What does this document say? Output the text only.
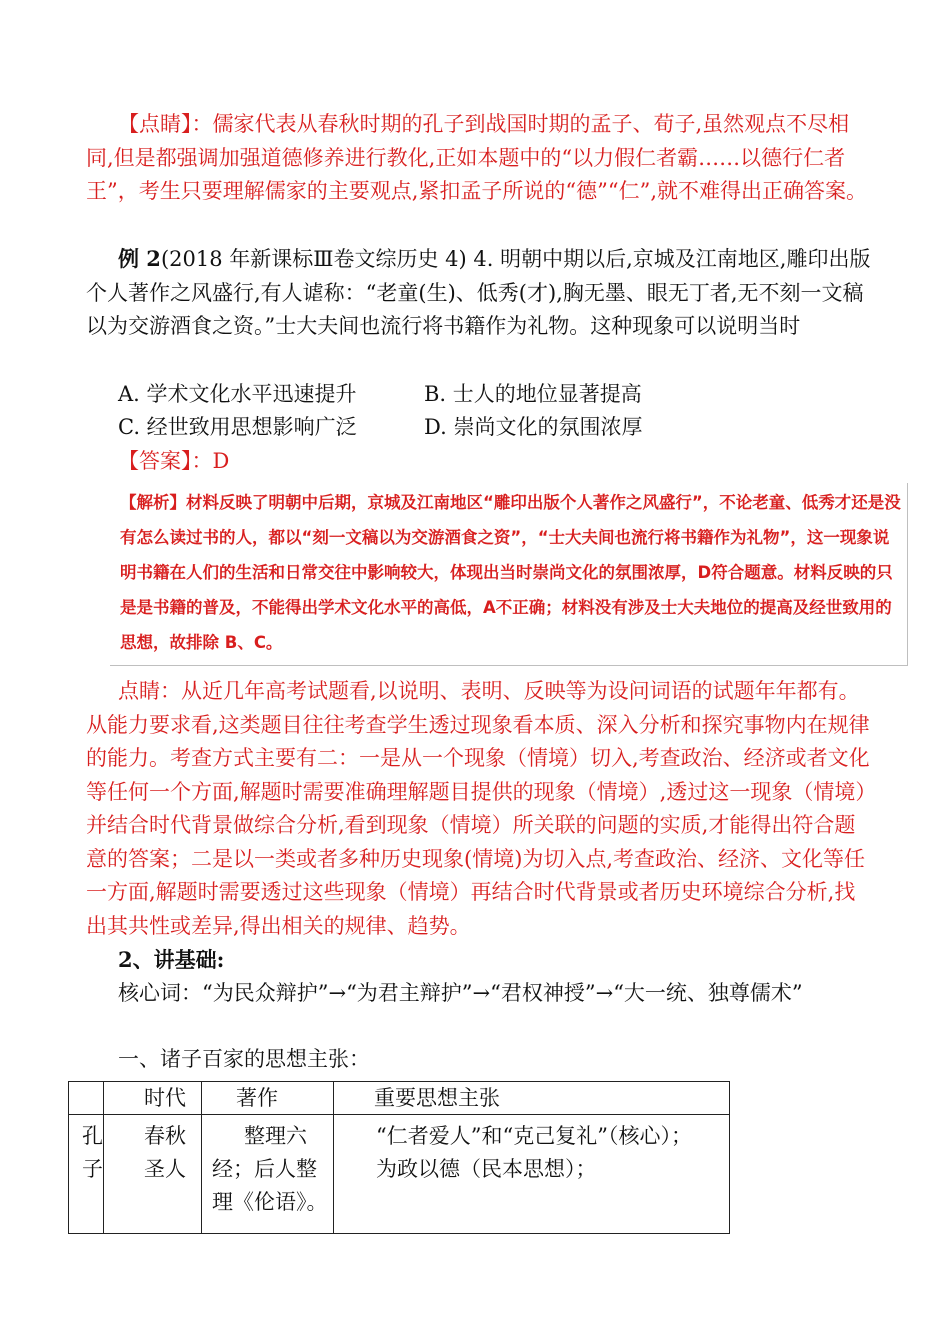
【点睛】：儒家代表从春秋时期的孔子到战国时期的孟子、荀子,虽然观点不尽相同,但是都强调加强道德修养进行教化,正如本题中的“以力假仁者霸……以德行仁者王”，考生只要理解儒家的主要观点,紧扣孟子所说的“德”“仁”,就不难得出正确答案。
例 2(2018 年新课标Ⅲ卷文综历史 4) 4. 明朝中期以后,京城及江南地区,雕印出版个人著作之风盛行,有人谑称：“老童(生)、低秀(才),胸无墨、眼无丁者,无不刻一文稿以为交游酒食之资。”士大夫间也流行将书籍作为礼物。这种现象可以说明当时
A. 学术文化水平迅速提升	B. 士人的地位显著提高
C. 经世致用思想影响广泛	D. 崇尚文化的氛围浓厚
【答案】：D
【解析】材料反映了明朝中后期，京城及江南地区“雕印出版个人著作之风盛行”，不论老童、低秀才还是没有怎么读过书的人，都以“刻一文稿以为交游酒食之资”，“士大夫间也流行将书籍作为礼物”，这一现象说明书籍在人们的生活和日常交往中影响较大，体现出当时崇尚文化的氛围浓厚，D符合题意。材料反映的只是是书籍的普及，不能得出学术文化水平的高低，A不正确；材料没有涉及士大夫地位的提高及经世致用的思想，故排除 B、C。
点睛：从近几年高考试题看,以说明、表明、反映等为设问词语的试题年年都有。从能力要求看,这类题目往往考查学生透过现象看本质、深入分析和探究事物内在规律的能力。考查方式主要有二：一是从一个现象（情境）切入,考查政治、经济或者文化等任何一个方面,解题时需要准确理解题目提供的现象（情境）,透过这一现象（情境）并结合时代背景做综合分析,看到现象（情境）所关联的问题的实质,才能得出符合题意的答案；二是以一类或者多种历史现象(情境)为切入点,考查政治、经济、文化等任一方面,解题时需要透过这些现象（情境）再结合时代背景或者历史环境综合分析,找出其共性或差异,得出相关的规律、趋势。
2、讲基础:
核心词：“为民众辩护”→“为君主辩护”→“君权神授”→“大一统、独尊儒术”
一、诸子百家的思想主张：
	时代	著作	重要思想主张

孔子	春秋圣人	整理六经；后人整理《伦语》。	“仁者爱人”和“克己复礼”（核心）；
为政以德（民本思想）；
